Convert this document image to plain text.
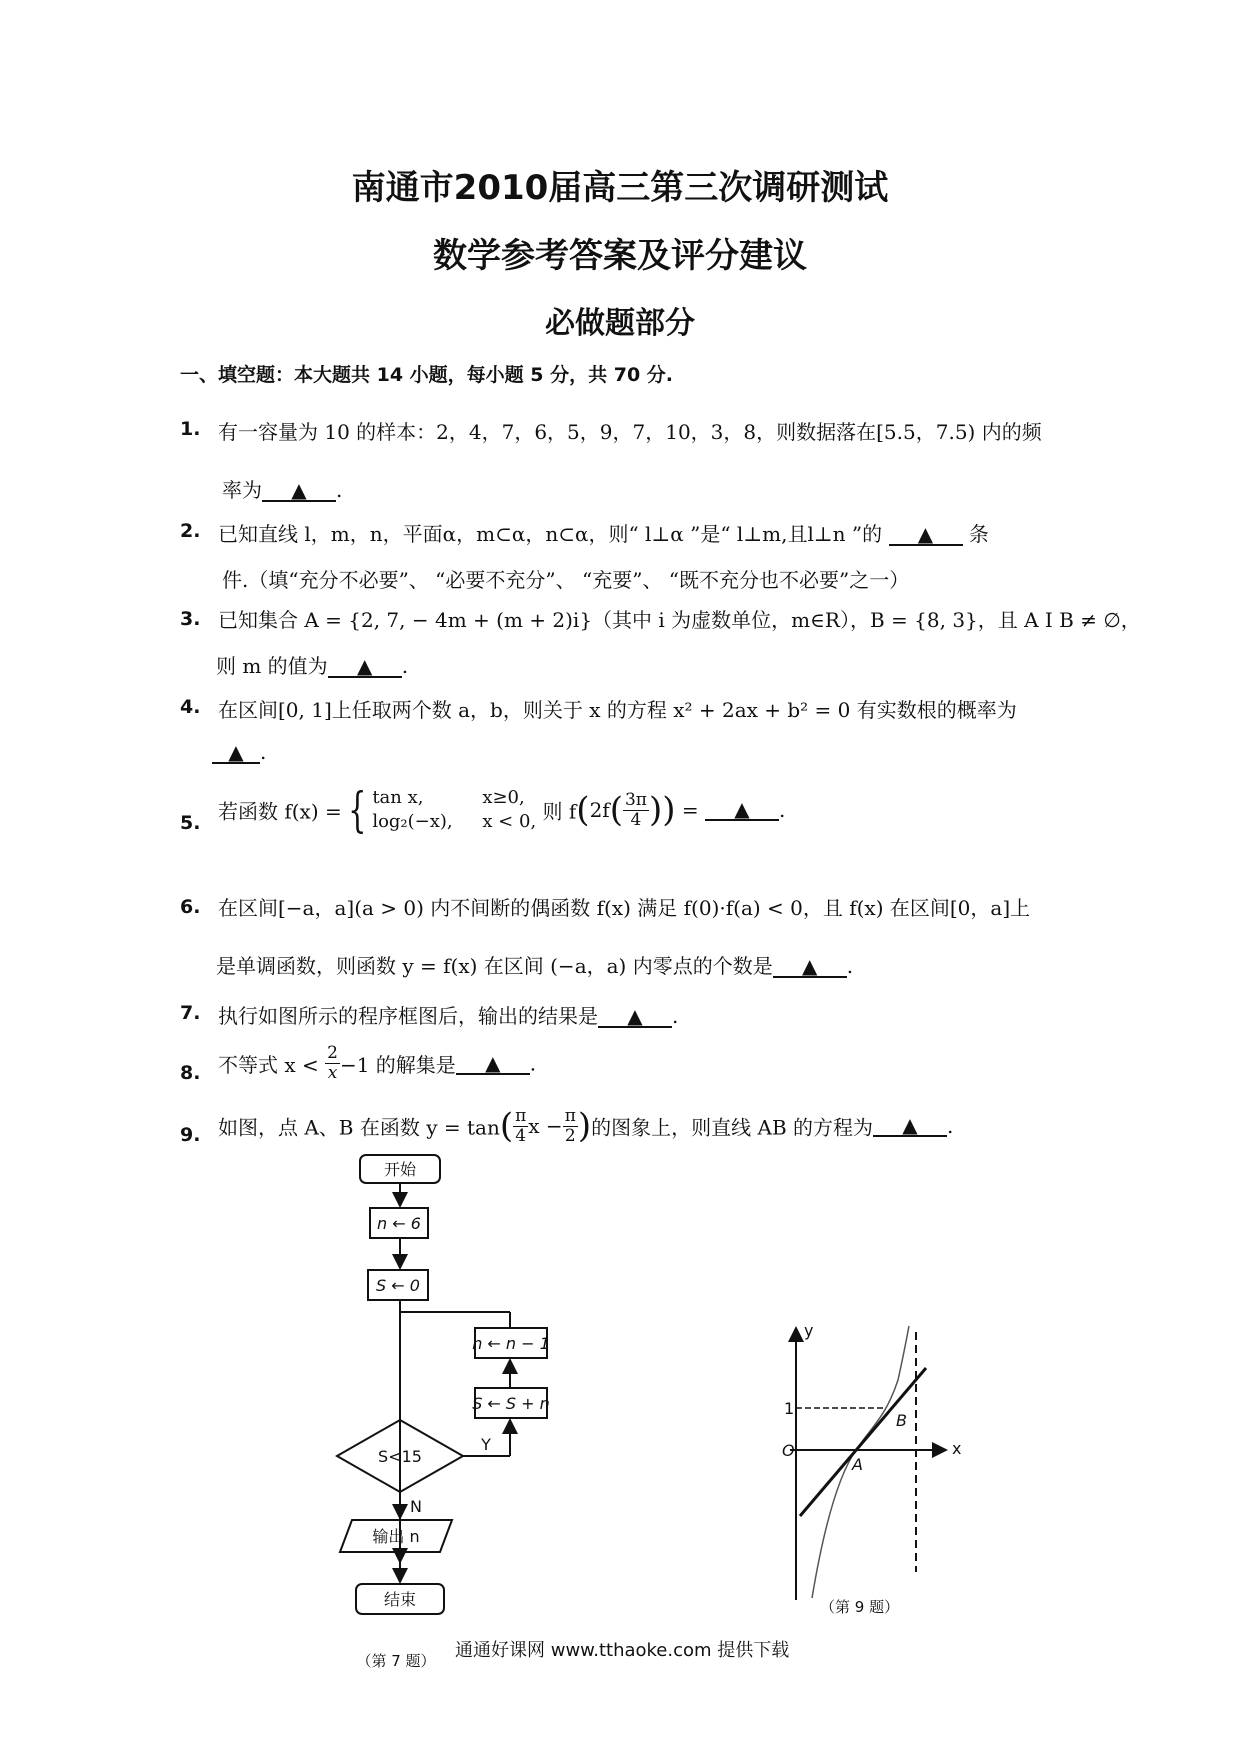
南通市2010届高三第三次调研测试
数学参考答案及评分建议
必做题部分
一、填空题：本大题共 14 小题，每小题 5 分，共 70 分.
1. 有一容量为 10 的样本：2，4，7，6，5，9，7，10，3，8，则数据落在[5.5，7.5) 内的频
率为 ▲ .
2. 已知直线 l，m，n，平面α，m⊂α，n⊂α，则“ l⊥α ”是“ l⊥m,且l⊥n ”的 ▲ 条
件.（填“充分不必要”、 “必要不充分”、 “充要”、 “既不充分也不必要”之一）
3. 已知集合 A = {2, 7, − 4m + (m + 2)i}（其中 i 为虚数单位，m∈R），B = {8, 3}，且 A I B ≠ ∅，
则 m 的值为 ▲ .
4. 在区间[0, 1]上任取两个数 a，b，则关于 x 的方程 x² + 2ax + b² = 0 有实数根的概率为
▲ .
5. 若函数 f(x) = { tan x,	x≥0,
log₂(−x), x < 0, 则 $f(2f( \frac{3\pi}{4}$ )) = ▲ .
6. 在区间[−a，a](a > 0) 内不间断的偶函数 f(x) 满足 f(0)·f(a) < 0，且 f(x) 在区间[0，a]上
是单调函数，则函数 y = f(x) 在区间 (−a，a) 内零点的个数是 ▲ .
7. 执行如图所示的程序框图后，输出的结果是 ▲ .
8. 不等式 $x < \frac{2}{x} -1$ 的解集是 ▲ .
9. 如图，点 A、B 在函数 $y = \tan( \frac{\pi}{4}$ $x - \frac{\pi}{2}$ )的图象上，则直线 AB 的方程为 ▲ .
开始
n ← 6
S ← 0
n ← n − 1
S ← S + n
S<15
Y
N
输出 n
结束
（第 7 题）
y
x
O
1
A
B
（第 9 题）
通通好课网 www.tthaoke.com 提供下载
